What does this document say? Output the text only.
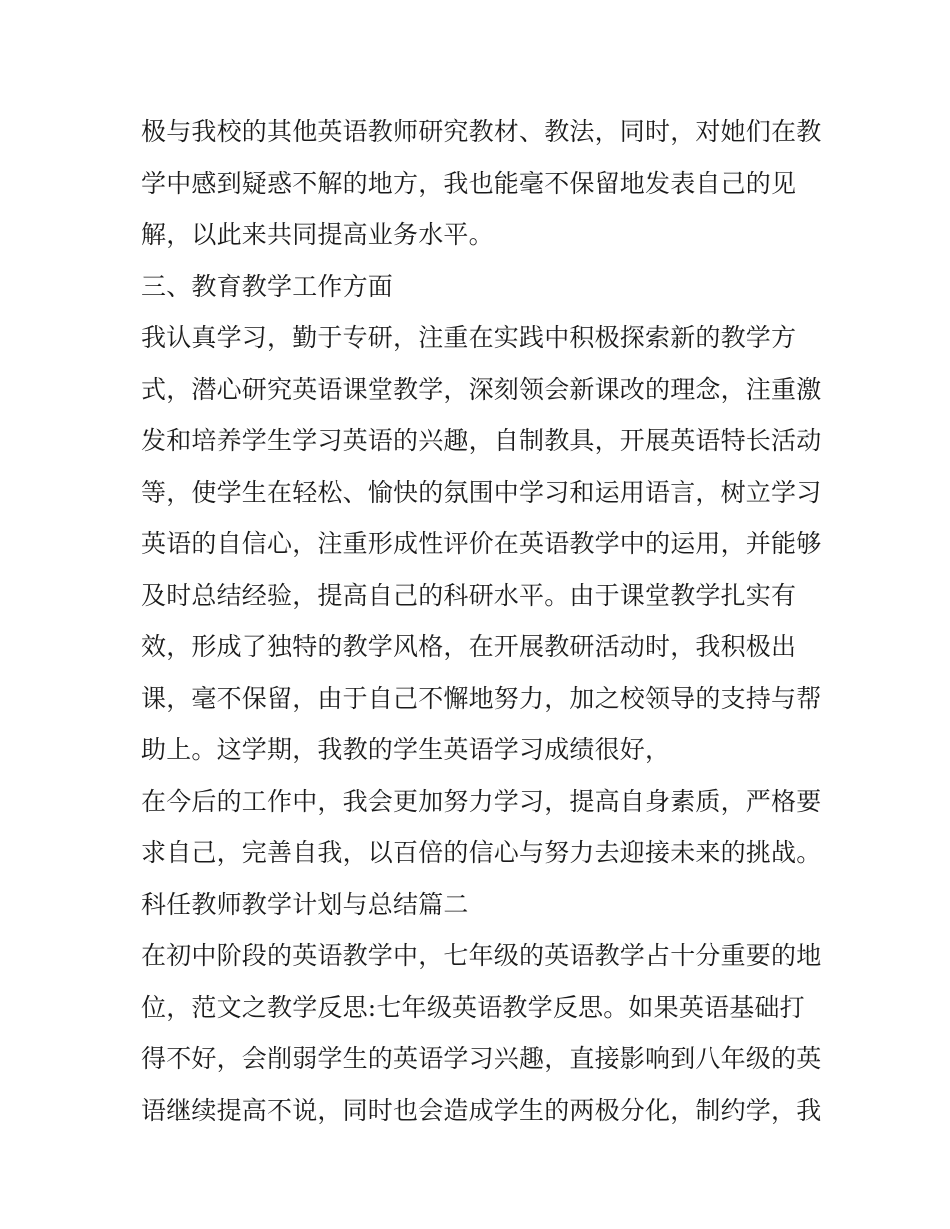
极与我校的其他英语教师研究教材、教法，同时，对她们在教
学中感到疑惑不解的地方，我也能毫不保留地发表自己的见
解，以此来共同提高业务水平。
三、教育教学工作方面
我认真学习，勤于专研，注重在实践中积极探索新的教学方
式，潜心研究英语课堂教学，深刻领会新课改的理念，注重激
发和培养学生学习英语的兴趣，自制教具，开展英语特长活动
等，使学生在轻松、愉快的氛围中学习和运用语言，树立学习
英语的自信心，注重形成性评价在英语教学中的运用，并能够
及时总结经验，提高自己的科研水平。由于课堂教学扎实有
效，形成了独特的教学风格，在开展教研活动时，我积极出
课，毫不保留，由于自己不懈地努力，加之校领导的支持与帮
助上。这学期，我教的学生英语学习成绩很好，
在今后的工作中，我会更加努力学习，提高自身素质，严格要
求自己，完善自我，以百倍的信心与努力去迎接未来的挑战。
科任教师教学计划与总结篇二
在初中阶段的英语教学中，七年级的英语教学占十分重要的地
位，范文之教学反思:七年级英语教学反思。如果英语基础打
得不好，会削弱学生的英语学习兴趣，直接影响到八年级的英
语继续提高不说，同时也会造成学生的两极分化，制约学，我
